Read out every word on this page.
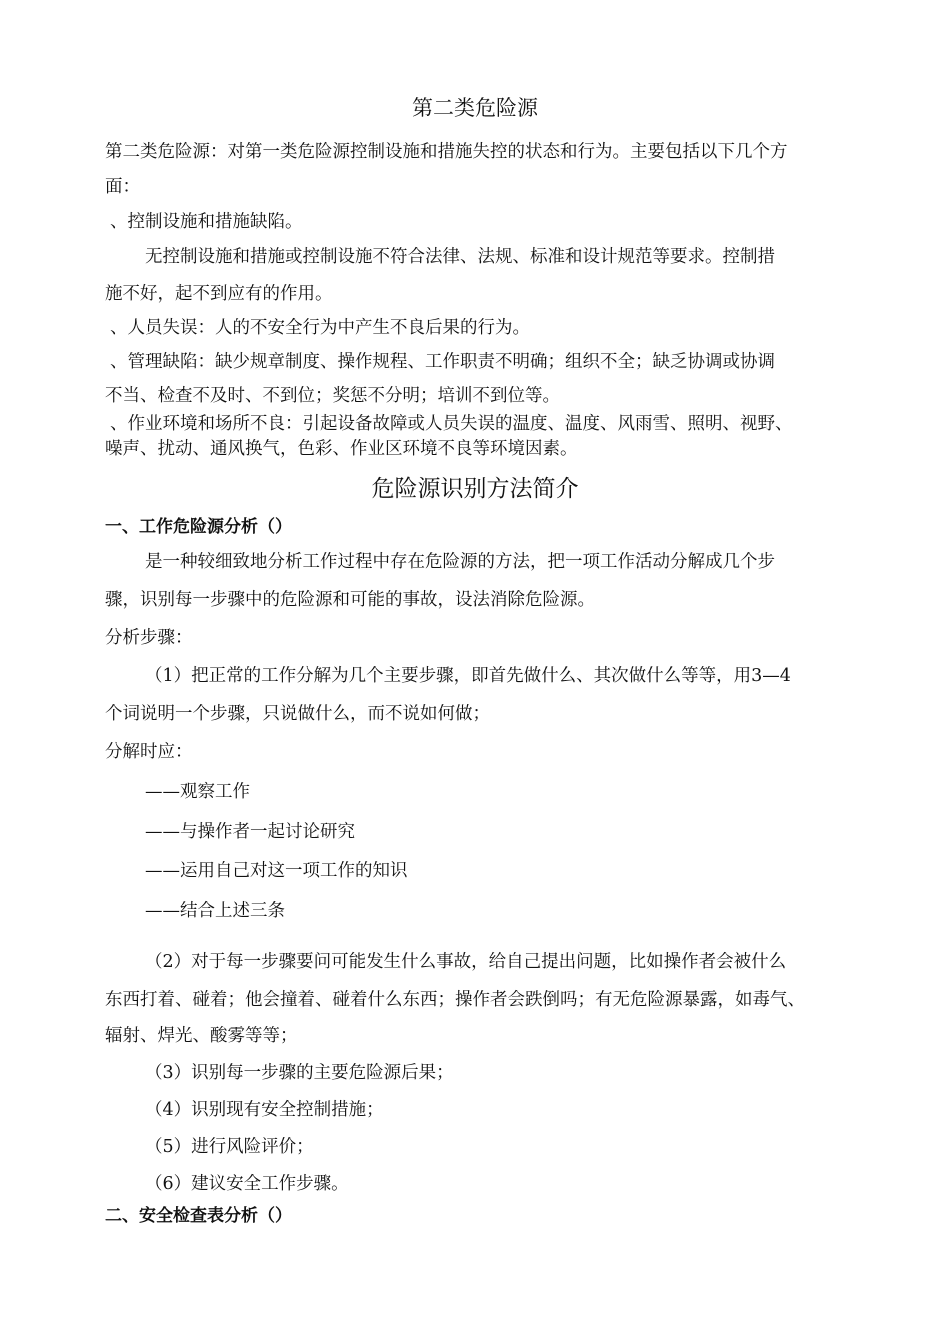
第二类危险源
第二类危险源：对第一类危险源控制设施和措施失控的状态和行为。主要包括以下几个方
面：
、控制设施和措施缺陷。
无控制设施和措施或控制设施不符合法律、法规、标准和设计规范等要求。控制措
施不好，起不到应有的作用。
、人员失误：人的不安全行为中产生不良后果的行为。
、管理缺陷：缺少规章制度、操作规程、工作职责不明确；组织不全；缺乏协调或协调
不当、检查不及时、不到位；奖惩不分明；培训不到位等。
、作业环境和场所不良：引起设备故障或人员失误的温度、温度、风雨雪、照明、视野、
噪声、扰动、通风换气，色彩、作业区环境不良等环境因素。
危险源识别方法简介
一、工作危险源分析（）
是一种较细致地分析工作过程中存在危险源的方法，把一项工作活动分解成几个步
骤，识别每一步骤中的危险源和可能的事故，设法消除危险源。
分析步骤：
（1）把正常的工作分解为几个主要步骤，即首先做什么、其次做什么等等，用3—4
个词说明一个步骤，只说做什么，而不说如何做；
分解时应：
——观察工作
——与操作者一起讨论研究
——运用自己对这一项工作的知识
——结合上述三条
（2）对于每一步骤要问可能发生什么事故，给自己提出问题，比如操作者会被什么
东西打着、碰着；他会撞着、碰着什么东西；操作者会跌倒吗；有无危险源暴露，如毒气、
辐射、焊光、酸雾等等；
（3）识别每一步骤的主要危险源后果；
（4）识别现有安全控制措施；
（5）进行风险评价；
（6）建议安全工作步骤。
二、安全检查表分析（）
